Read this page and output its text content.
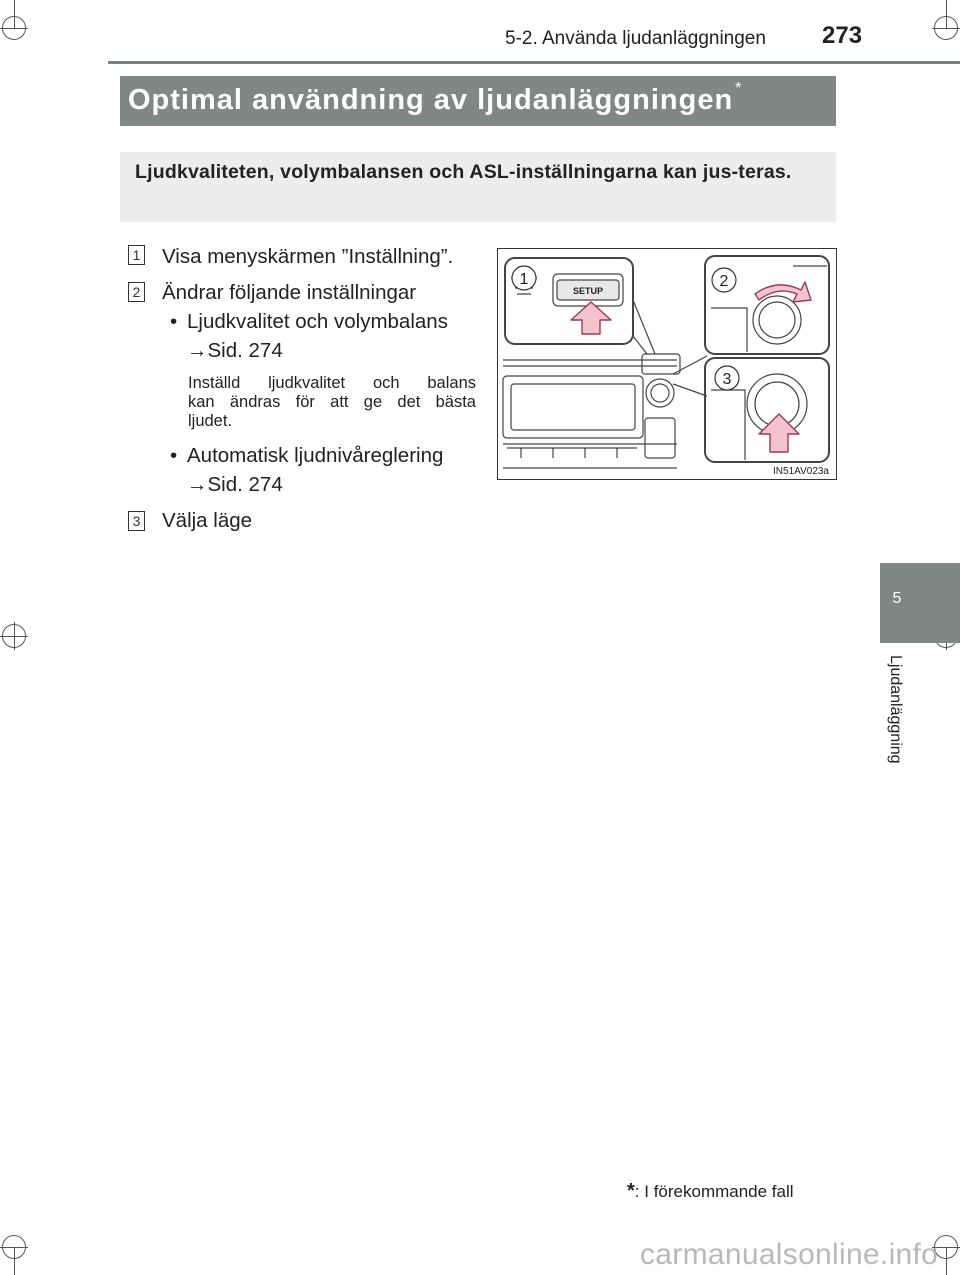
5-2. Använda ljudanläggningen 273
Optimal användning av ljudanläggningen *
Ljudkvaliteten, volymbalansen och ASL-inställningarna kan jus-teras.
1 Visa menyskärmen ”Inställning”.
2 Ändrar följande inställningar
• Ljudkvalitet och volymbalans
→Sid. 274
Inställd ljudkvalitet och balans
kan ändras för att ge det bästa
ljudet.
• Automatisk ljudnivåreglering
→Sid. 274
3 Välja läge
SETUP
1	2
3
IN51AV023a
5
Ljudanläggning
*: I förekommande fall
carmanualsonline.info
